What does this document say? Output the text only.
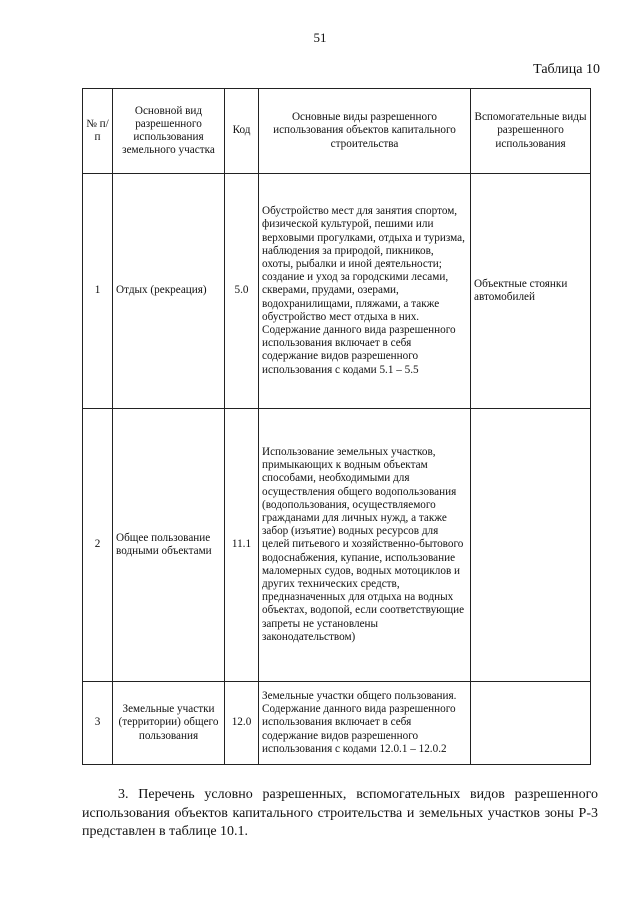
51
Таблица 10
№ п/п	Основной вид разрешенного использования земельного участка	Код	Основные виды разрешенного использования объектов капитального строительства	Вспомогательные виды разрешенного использования
1	Отдых (рекреация)	5.0	Обустройство мест для занятия спортом, физической культурой, пешими или верховыми прогулками, отдыха и туризма, наблюдения за природой, пикников, охоты, рыбалки и иной деятельности; создание и уход за городскими лесами, скверами, прудами, озерами, водохранилищами, пляжами, а также обустройство мест отдыха в них. Содержание данного вида разрешенного использования включает в себя содержание видов разрешенного использования с кодами 5.1 – 5.5	Объектные стоянки автомобилей
2	Общее пользование водными объектами	11.1	Использование земельных участков, примыкающих к водным объектам способами, необходимыми для осуществления общего водопользования (водопользования, осуществляемого гражданами для личных нужд, а также забор (изъятие) водных ресурсов для целей питьевого и хозяйственно-бытового водоснабжения, купание, использование маломерных судов, водных мотоциклов и других технических средств, предназначенных для отдыха на водных объектах, водопой, если соответствующие запреты не установлены законодательством)	
3	Земельные участки (территории) общего пользования	12.0	Земельные участки общего пользования. Содержание данного вида разрешенного использования включает в себя содержание видов разрешенного использования с кодами 12.0.1 – 12.0.2	
3. Перечень условно разрешенных, вспомогательных видов разрешенного использования объектов капитального строительства и земельных участков зоны Р-3 представлен в таблице 10.1.
